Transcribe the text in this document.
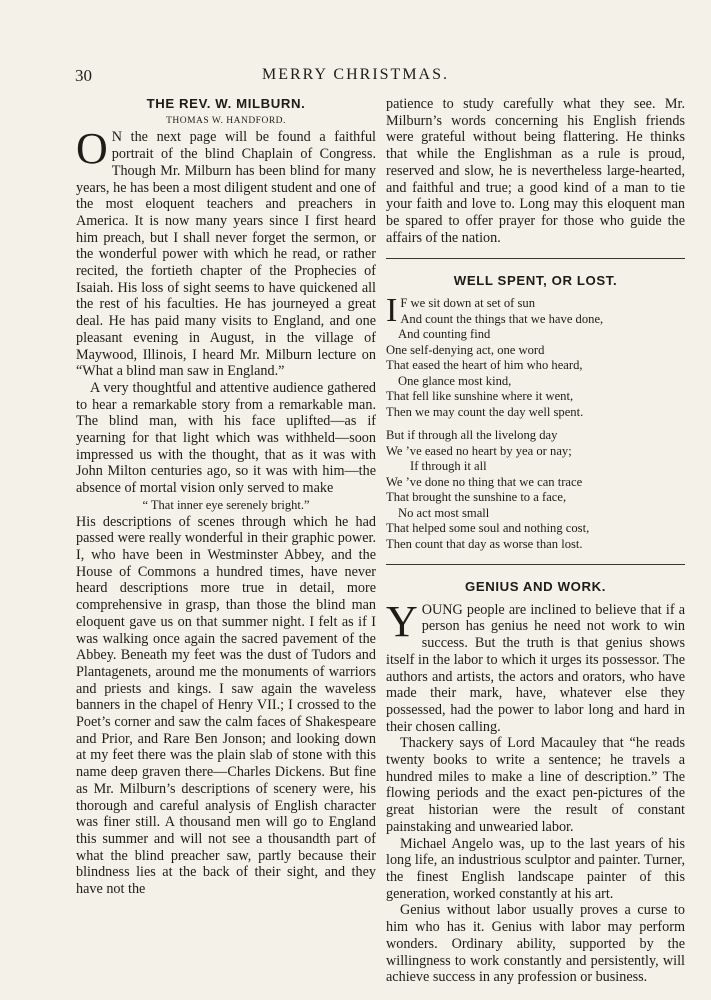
30	MERRY CHRISTMAS.

THE REV. W. MILBURN.

THOMAS W. HANDFORD.

O N the next page will be found a faithful portrait of the blind Chaplain of Congress. Though Mr. Milburn has been blind for many years, he has been a most diligent student and one of the most eloquent teachers and preachers in America. It is now many years since I first heard him preach, but I shall never forget the sermon, or the wonderful power with which he read, or rather recited, the fortieth chapter of the Prophecies of Isaiah. His loss of sight seems to have quickened all the rest of his faculties. He has journeyed a great deal. He has paid many visits to England, and one pleasant evening in August, in the village of Maywood, Illinois, I heard Mr. Milburn lecture on “What a blind man saw in England.”

A very thoughtful and attentive audience gathered to hear a remarkable story from a remarkable man. The blind man, with his face uplifted—as if yearning for that light which was withheld—soon impressed us with the thought, that as it was with John Milton centuries ago, so it was with him—the absence of mortal vision only served to make

“ That inner eye serenely bright.”

His descriptions of scenes through which he had passed were really wonderful in their graphic power. I, who have been in Westminster Abbey, and the House of Commons a hundred times, have never heard descriptions more true in detail, more comprehensive in grasp, than those the blind man eloquent gave us on that summer night. I felt as if I was walking once again the sacred pavement of the Abbey. Beneath my feet was the dust of Tudors and Plantagenets, around me the monuments of warriors and priests and kings. I saw again the waveless banners in the chapel of Henry VII.; I crossed to the Poet’s corner and saw the calm faces of Shakespeare and Prior, and Rare Ben Jonson; and looking down at my feet there was the plain slab of stone with this name deep graven there—Charles Dickens. But fine as Mr. Milburn’s descriptions of scenery were, his thorough and careful analysis of English character was finer still. A thousand men will go to England this summer and will not see a thousandth part of what the blind preacher saw, partly because their blindness lies at the back of their sight, and they have not the

patience to study carefully what they see. Mr. Milburn’s words concerning his English friends were grateful without being flattering. He thinks that while the Englishman as a rule is proud, reserved and slow, he is nevertheless large-hearted, and faithful and true; a good kind of a man to tie your faith and love to. Long may this eloquent man be spared to offer prayer for those who guide the affairs of the nation.

WELL SPENT, OR LOST.

I F we sit down at set of sun

And count the things that we have done,

And counting find

One self-denying act, one word

That eased the heart of him who heard,

One glance most kind,

That fell like sunshine where it went,

Then we may count the day well spent.

But if through all the livelong day

We ’ve eased no heart by yea or nay;

If through it all

We ’ve done no thing that we can trace

That brought the sunshine to a face,

No act most small

That helped some soul and nothing cost,

Then count that day as worse than lost.

GENIUS AND WORK.

YOUNG people are inclined to believe that if a person has genius he need not work to win success. But the truth is that genius shows itself in the labor to which it urges its possessor. The authors and artists, the actors and orators, who have made their mark, have, whatever else they possessed, had the power to labor long and hard in their chosen calling.

Thackery says of Lord Macauley that “he reads twenty books to write a sentence; he travels a hundred miles to make a line of description.” The flowing periods and the exact pen-pictures of the great historian were the result of constant painstaking and unwearied labor.

Michael Angelo was, up to the last years of his long life, an industrious sculptor and painter. Turner, the finest English landscape painter of this generation, worked constantly at his art.

Genius without labor usually proves a curse to him who has it. Genius with labor may perform wonders. Ordinary ability, supported by the willingness to work constantly and persistently, will achieve success in any profession or business.
